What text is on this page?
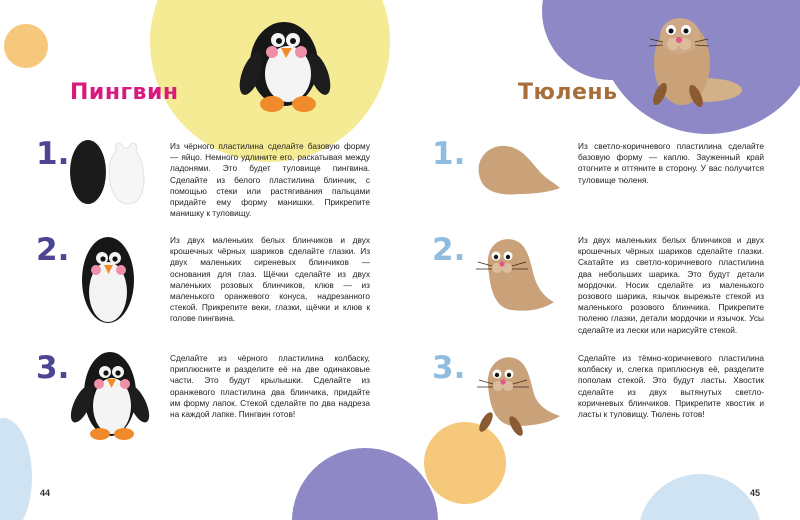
Пингвин
1.	Из чёрного пластилина сделайте базовую форму — яйцо. Немного удлините его, раскатывая между ладонями. Это будет туловище пингвина. Сделайте из белого пластилина блинчик, с помощью стеки или растягивания пальцами придайте ему форму манишки. Прикрепите манишку к туловищу.
2.	Из двух маленьких белых блинчиков и двух крошечных чёрных шариков сделайте глазки. Из двух маленьких сиреневых блинчиков — основания для глаз. Щёчки сделайте из двух маленьких розовых блинчиков, клюв — из маленького оранжевого конуса, надрезанного стекой. Прикрепите веки, глазки, щёчки и клюв к голове пингвина.
3.	Сделайте из чёрного пластилина колбаску, приплюсните и разделите её на две одинаковые части. Это будут крылышки. Сделайте из оранжевого пластилина два блинчика, придайте им форму лапок. Стекой сделайте по два надреза на каждой лапке. Пингвин готов!
44
Тюлень
1.	Из светло-коричневого пластилина сделайте базовую форму — каплю. Зауженный край отогните и оттяните в сторону. У вас получится туловище тюленя.
2.	Из двух маленьких белых блинчиков и двух крошечных чёрных шариков сделайте глазки. Скатайте из светло-коричневого пластилина два небольших шарика. Это будут детали мордочки. Носик сделайте из маленького розового шарика, язычок вырежьте стекой из маленького розового блинчика. Прикрепите тюленю глазки, детали мордочки и язычок. Усы сделайте из лески или нарисуйте стекой.
3.	Сделайте из тёмно-коричневого пластилина колбаску и, слегка приплюснув её, разделите пополам стекой. Это будут ласты. Хвостик сделайте из двух вытянутых светло-коричневых блинчиков. Прикрепите хвостик и ласты к туловищу. Тюлень готов!
45
